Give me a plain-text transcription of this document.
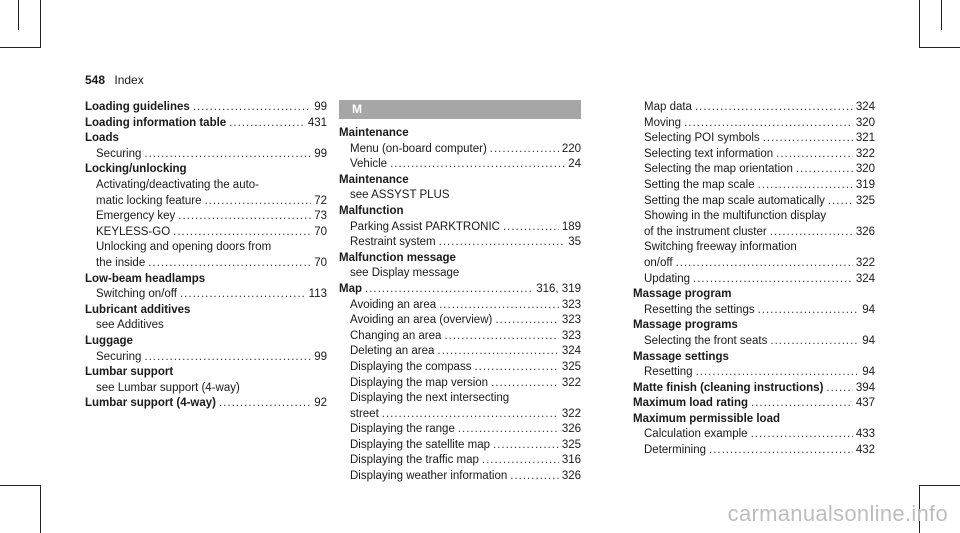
548 Index
Loading guidelines .....	99
Loading information table .....	431
Loads
Securing .....	99
Locking/unlocking
Activating/deactivating the auto-
matic locking feature .....	72
Emergency key .....	73
KEYLESS-GO .....	70
Unlocking and opening doors from
the inside .....	70
Low-beam headlamps
Switching on/off .....	113
Lubricant additives
see Additives
Luggage
Securing .....	99
Lumbar support
see Lumbar support (4-way)
Lumbar support (4-way) .....	92
M
Maintenance
Menu (on-board computer) .....	220
Vehicle .....	24
Maintenance
see ASSYST PLUS
Malfunction
Parking Assist PARKTRONIC .....	189
Restraint system .....	35
Malfunction message
see Display message
Map .....	316, 319
Avoiding an area .....	323
Avoiding an area (overview) .....	323
Changing an area .....	323
Deleting an area .....	324
Displaying the compass .....	325
Displaying the map version .....	322
Displaying the next intersecting
street .....	322
Displaying the range .....	326
Displaying the satellite map .....	325
Displaying the traffic map .....	316
Displaying weather information .....	326
Map data .....	324
Moving .....	320
Selecting POI symbols .....	321
Selecting text information .....	322
Selecting the map orientation .....	320
Setting the map scale .....	319
Setting the map scale automatically .....	325
Showing in the multifunction display
of the instrument cluster .....	326
Switching freeway information
on/off .....	322
Updating .....	324
Massage program
Resetting the settings .....	94
Massage programs
Selecting the front seats .....	94
Massage settings
Resetting .....	94
Matte finish (cleaning instructions) .....	394
Maximum load rating .....	437
Maximum permissible load
Calculation example .....	433
Determining .....	432
carmanualsonline.info
